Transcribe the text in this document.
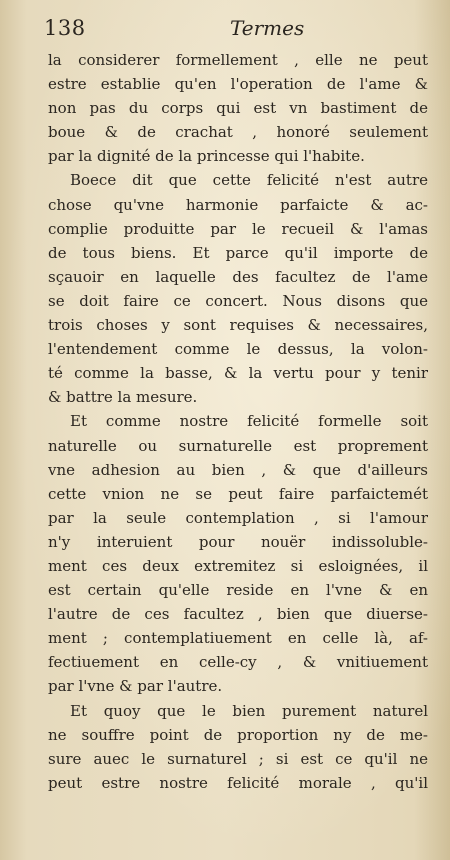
138	Termes
la considerer formellement , elle ne peut
estre establie qu'en l'operation de l'ame &
non pas du corps qui est vn bastiment de
boue & de crachat , honoré seulement
par la dignité de la princesse qui l'habite.
Boece dit que cette felicité n'est autre
chose qu'vne harmonie parfaicte & ac-
complie produitte par le recueil & l'amas
de tous biens. Et parce qu'il importe de
sçauoir en laquelle des facultez de l'ame
se doit faire ce concert. Nous disons que
trois choses y sont requises & necessaires,
l'entendement comme le dessus, la volon-
té comme la basse, & la vertu pour y tenir
& battre la mesure.
Et comme nostre felicité formelle soit
naturelle ou surnaturelle est proprement
vne adhesion au bien , & que d'ailleurs
cette vnion ne se peut faire parfaictemét
par la seule contemplation , si l'amour
n'y interuient pour nouër indissoluble-
ment ces deux extremitez si esloignées, il
est certain qu'elle reside en l'vne & en
l'autre de ces facultez , bien que diuerse-
ment ; contemplatiuement en celle là, af-
fectiuement en celle-cy , & vnitiuement
par l'vne & par l'autre.
Et quoy que le bien purement naturel
ne souffre point de proportion ny de me-
sure auec le surnaturel ; si est ce qu'il ne
peut estre nostre felicité morale , qu'il
